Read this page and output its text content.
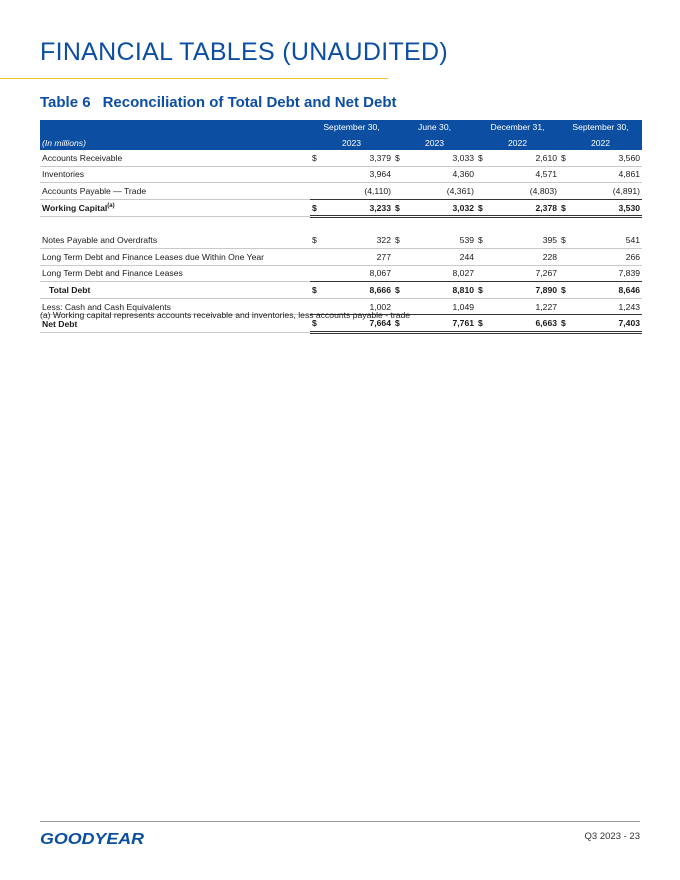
FINANCIAL TABLES (UNAUDITED)
Table 6 Reconciliation of Total Debt and Net Debt
	September 30,		June 30,		December 31,		September 30,	
(In millions)	2023		2023		2022		2022	
Accounts Receivable	$	3,379	$	3,033	$	2,610	$	3,560
Inventories		3,964		4,360		4,571		4,861
Accounts Payable — Trade		(4,110)		(4,361)		(4,803)		(4,891)
Working Capital$^{(a)}$	$	3,233	$	3,032	$	2,378	$	3,530

Notes Payable and Overdrafts	$	322	$	539	$	395	$	541
Long Term Debt and Finance Leases due Within One Year		277		244		228		266
Long Term Debt and Finance Leases		8,067		8,027		7,267		7,839
Total Debt	$	8,666	$	8,810	$	7,890	$	8,646
Less: Cash and Cash Equivalents		1,002		1,049		1,227		1,243
Net Debt	$	7,664	$	7,761	$	6,663	$	7,403
(a) Working capital represents accounts receivable and inventories, less accounts payable - trade
GOODYEAR	Q3 2023 - 23
